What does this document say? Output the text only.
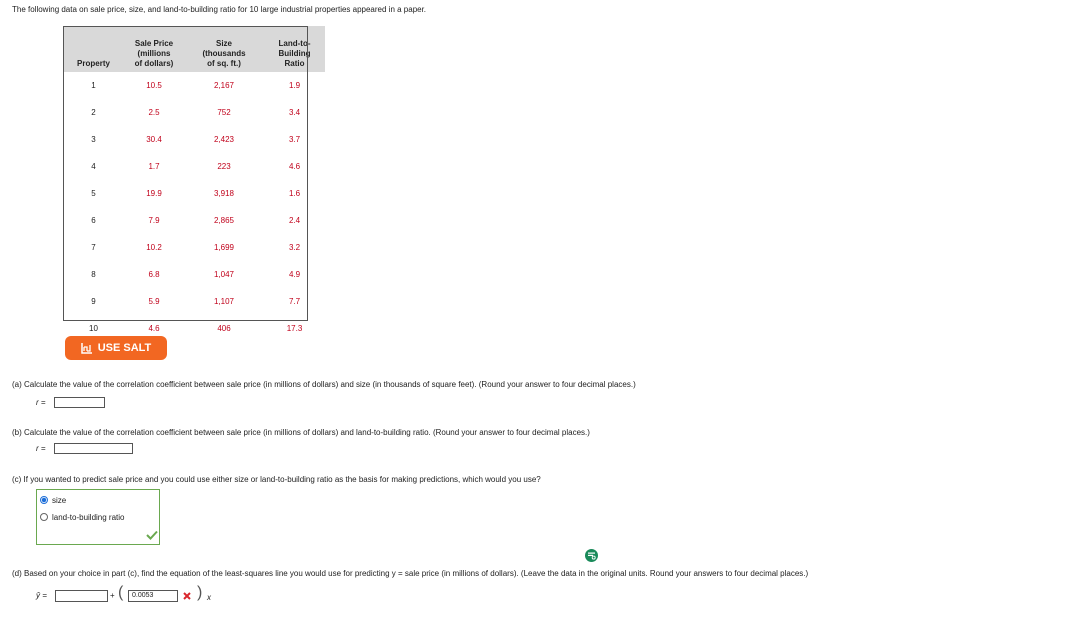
The following data on sale price, size, and land-to-building ratio for 10 large industrial properties appeared in a paper.
Property	Sale Price
(millions
of dollars)	Size
(thousands
of sq. ft.)	Land-to-
Building
Ratio
1	10.5	2,167	1.9
2	2.5	752	3.4
3	30.4	2,423	3.7
4	1.7	223	4.6
5	19.9	3,918	1.6
6	7.9	2,865	2.4
7	10.2	1,699	3.2
8	6.8	1,047	4.9
9	5.9	1,107	7.7
10	4.6	406	17.3
USE SALT
(a) Calculate the value of the correlation coefficient between sale price (in millions of dollars) and size (in thousands of square feet). (Round your answer to four decimal places.)
r =
(b) Calculate the value of the correlation coefficient between sale price (in millions of dollars) and land-to-building ratio. (Round your answer to four decimal places.)
r =
(c) If you wanted to predict sale price and you could use either size or land-to-building ratio as the basis for making predictions, which would you use?
size
land-to-building ratio
(d) Based on your choice in part (c), find the equation of the least-squares line you would use for predicting y = sale price (in millions of dollars). (Leave the data in the original units. Round your answers to four decimal places.)
ŷ =	+ (	0.0053	) x
